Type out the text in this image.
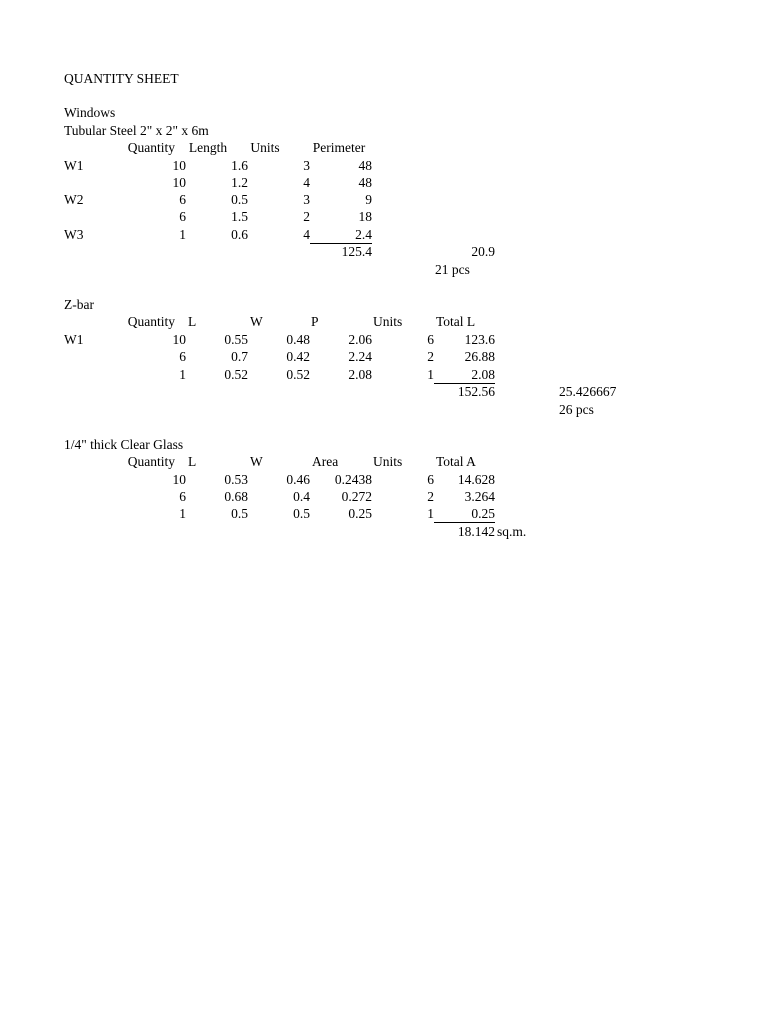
QUANTITY SHEET
Windows
Tubular Steel 2" x 2" x 6m
Quantity Length	Units	Perimeter
W1	10	1.6	3	48
10	1.2	4	48
W2	6	0.5	3	9
6	1.5	2	18
W3	1	0.6	4	2.4
125.4	20.9
21 pcs
Z-bar
Quantity L	W	P	Units Total L
W1	10	0.55	0.48	2.06	6	123.6
6	0.7	0.42	2.24	2	26.88
1	0.52	0.52	2.08	1	2.08
152.56	25.426667
26 pcs
1/4" thick Clear Glass
Quantity L	W	Area	Units Total A
10	0.53	0.46	0.2438	6	14.628
6	0.68	0.4	0.272	2	3.264
1	0.5	0.5	0.25	1	0.25
18.142 sq.m.
